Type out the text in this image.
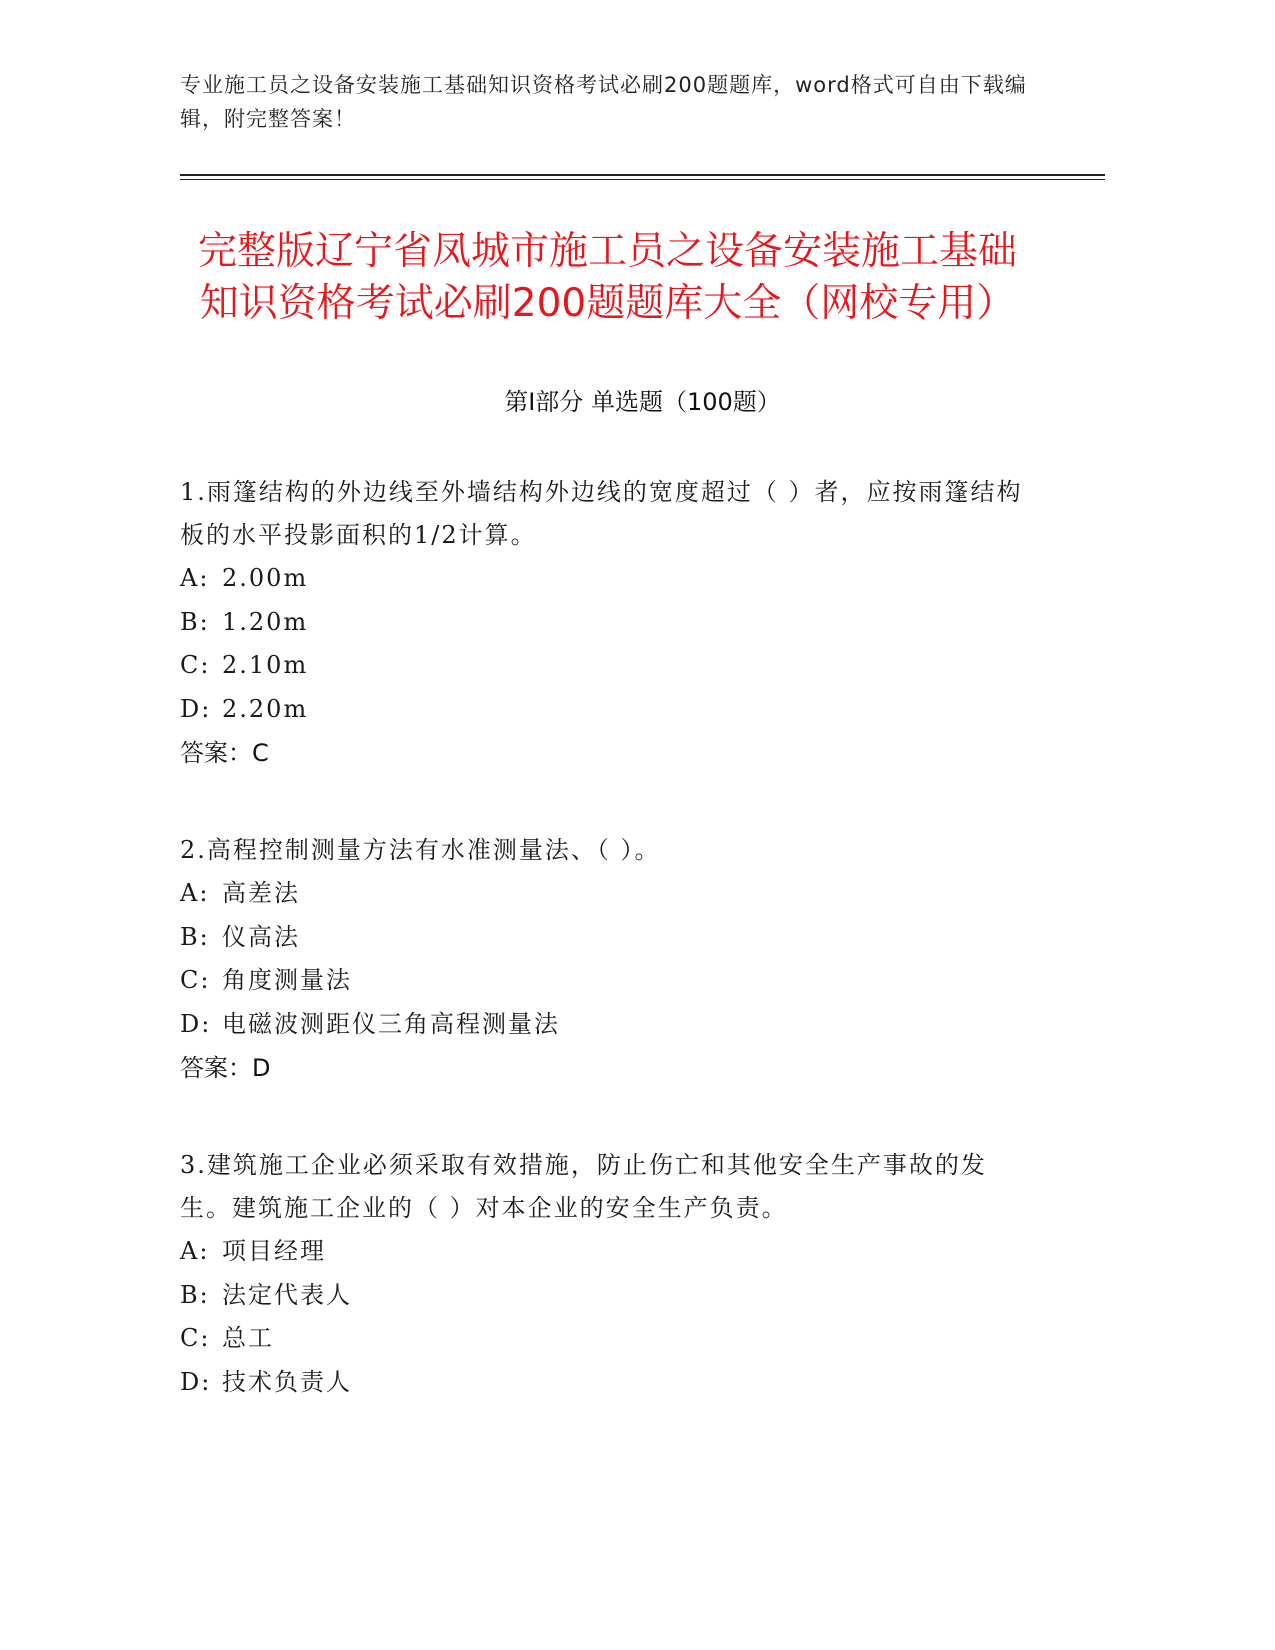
专业施工员之设备安装施工基础知识资格考试必刷200题题库，word格式可自由下载编辑，附完整答案！
完整版辽宁省凤城市施工员之设备安装施工基础知识资格考试必刷200题题库大全（网校专用）
第Ⅰ部分 单选题（100题）
1.雨篷结构的外边线至外墙结构外边线的宽度超过（ ）者，应按雨篷结构板的水平投影面积的1/2计算。
A: 2.00m
B: 1.20m
C: 2.10m
D: 2.20m
答案：C
2.高程控制测量方法有水准测量法、（ ）。
A: 高差法
B: 仪高法
C: 角度测量法
D: 电磁波测距仪三角高程测量法
答案：D
3.建筑施工企业必须采取有效措施，防止伤亡和其他安全生产事故的发生。建筑施工企业的（ ）对本企业的安全生产负责。
A: 项目经理
B: 法定代表人
C: 总工
D: 技术负责人
